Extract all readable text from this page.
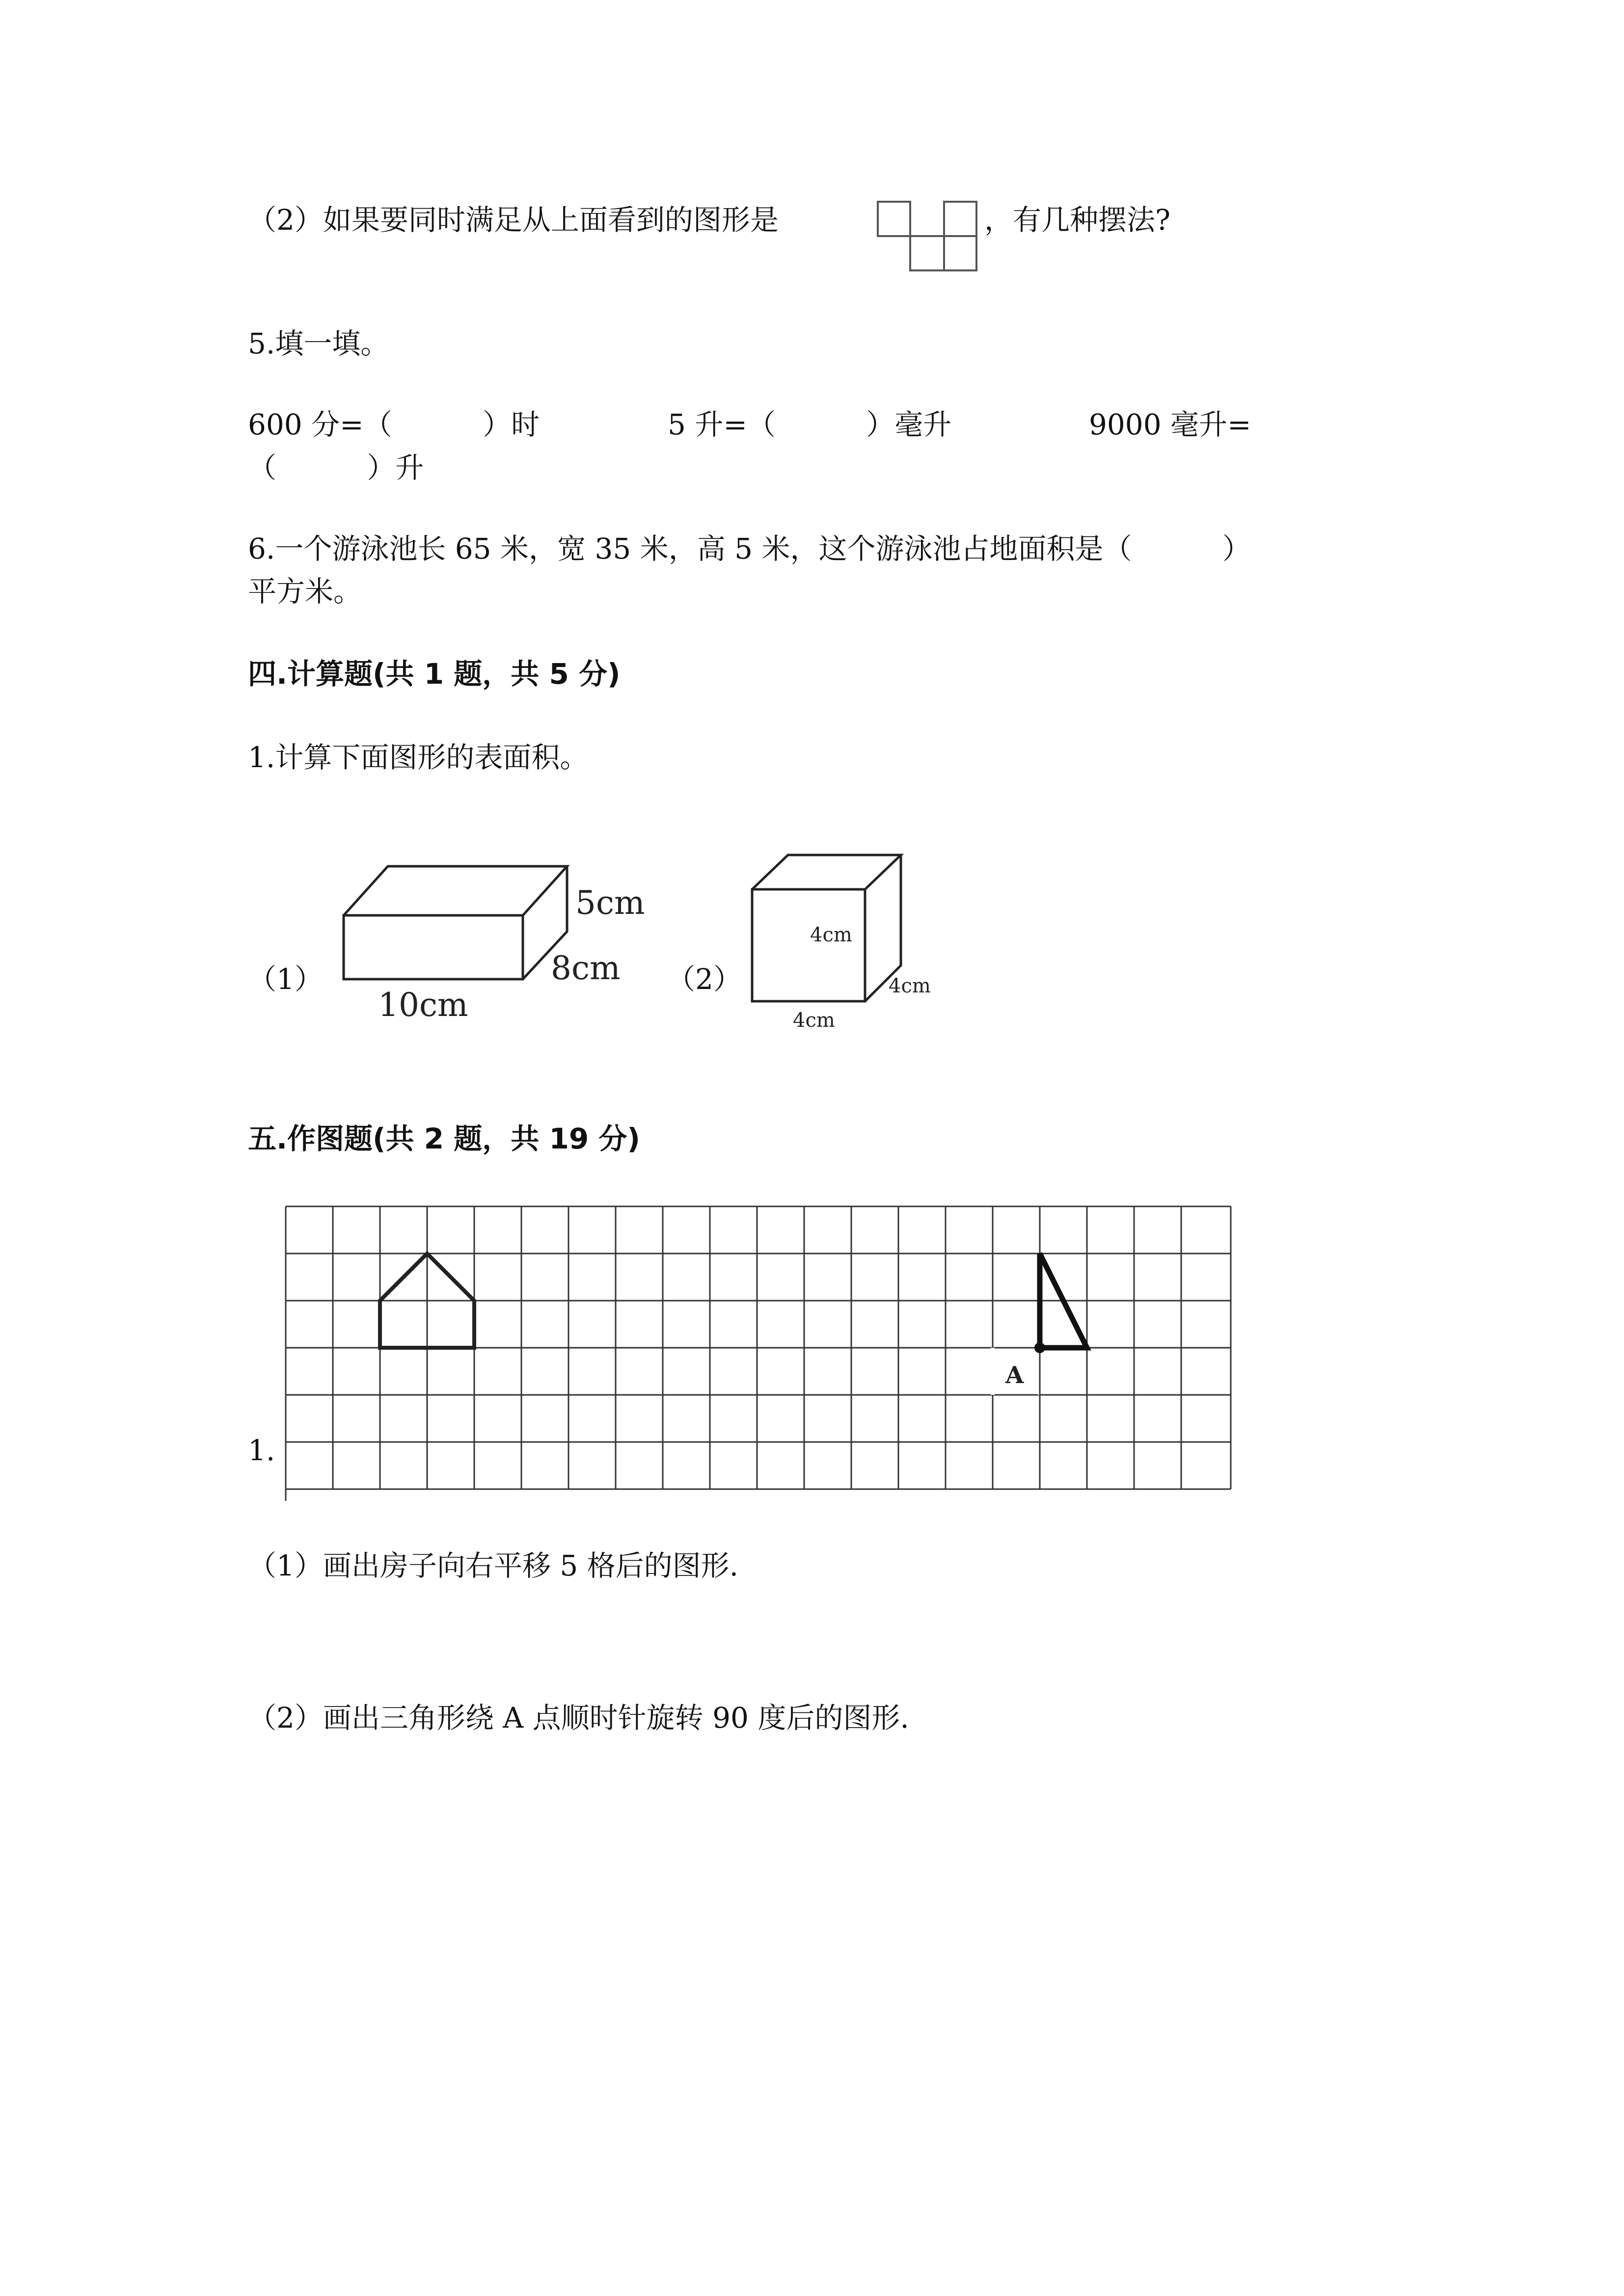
（2）如果要同时满足从上面看到的图形是	，有几种摆法?
5.填一填。
600 分=（          ）时	5 升=（          ）毫升	9000 毫升=
（          ）升
6.一个游泳池长 65 米，宽 35 米，高 5 米，这个游泳池占地面积是（          ）
平方米。
四.计算题(共 1 题，共 5 分)
1.计算下面图形的表面积。
（1）
5cm
8cm
10cm
（2）
4cm
4cm
4cm
五.作图题(共 2 题，共 19 分)
1.
A
（1）画出房子向右平移 5 格后的图形.
（2）画出三角形绕 A 点顺时针旋转 90 度后的图形.
